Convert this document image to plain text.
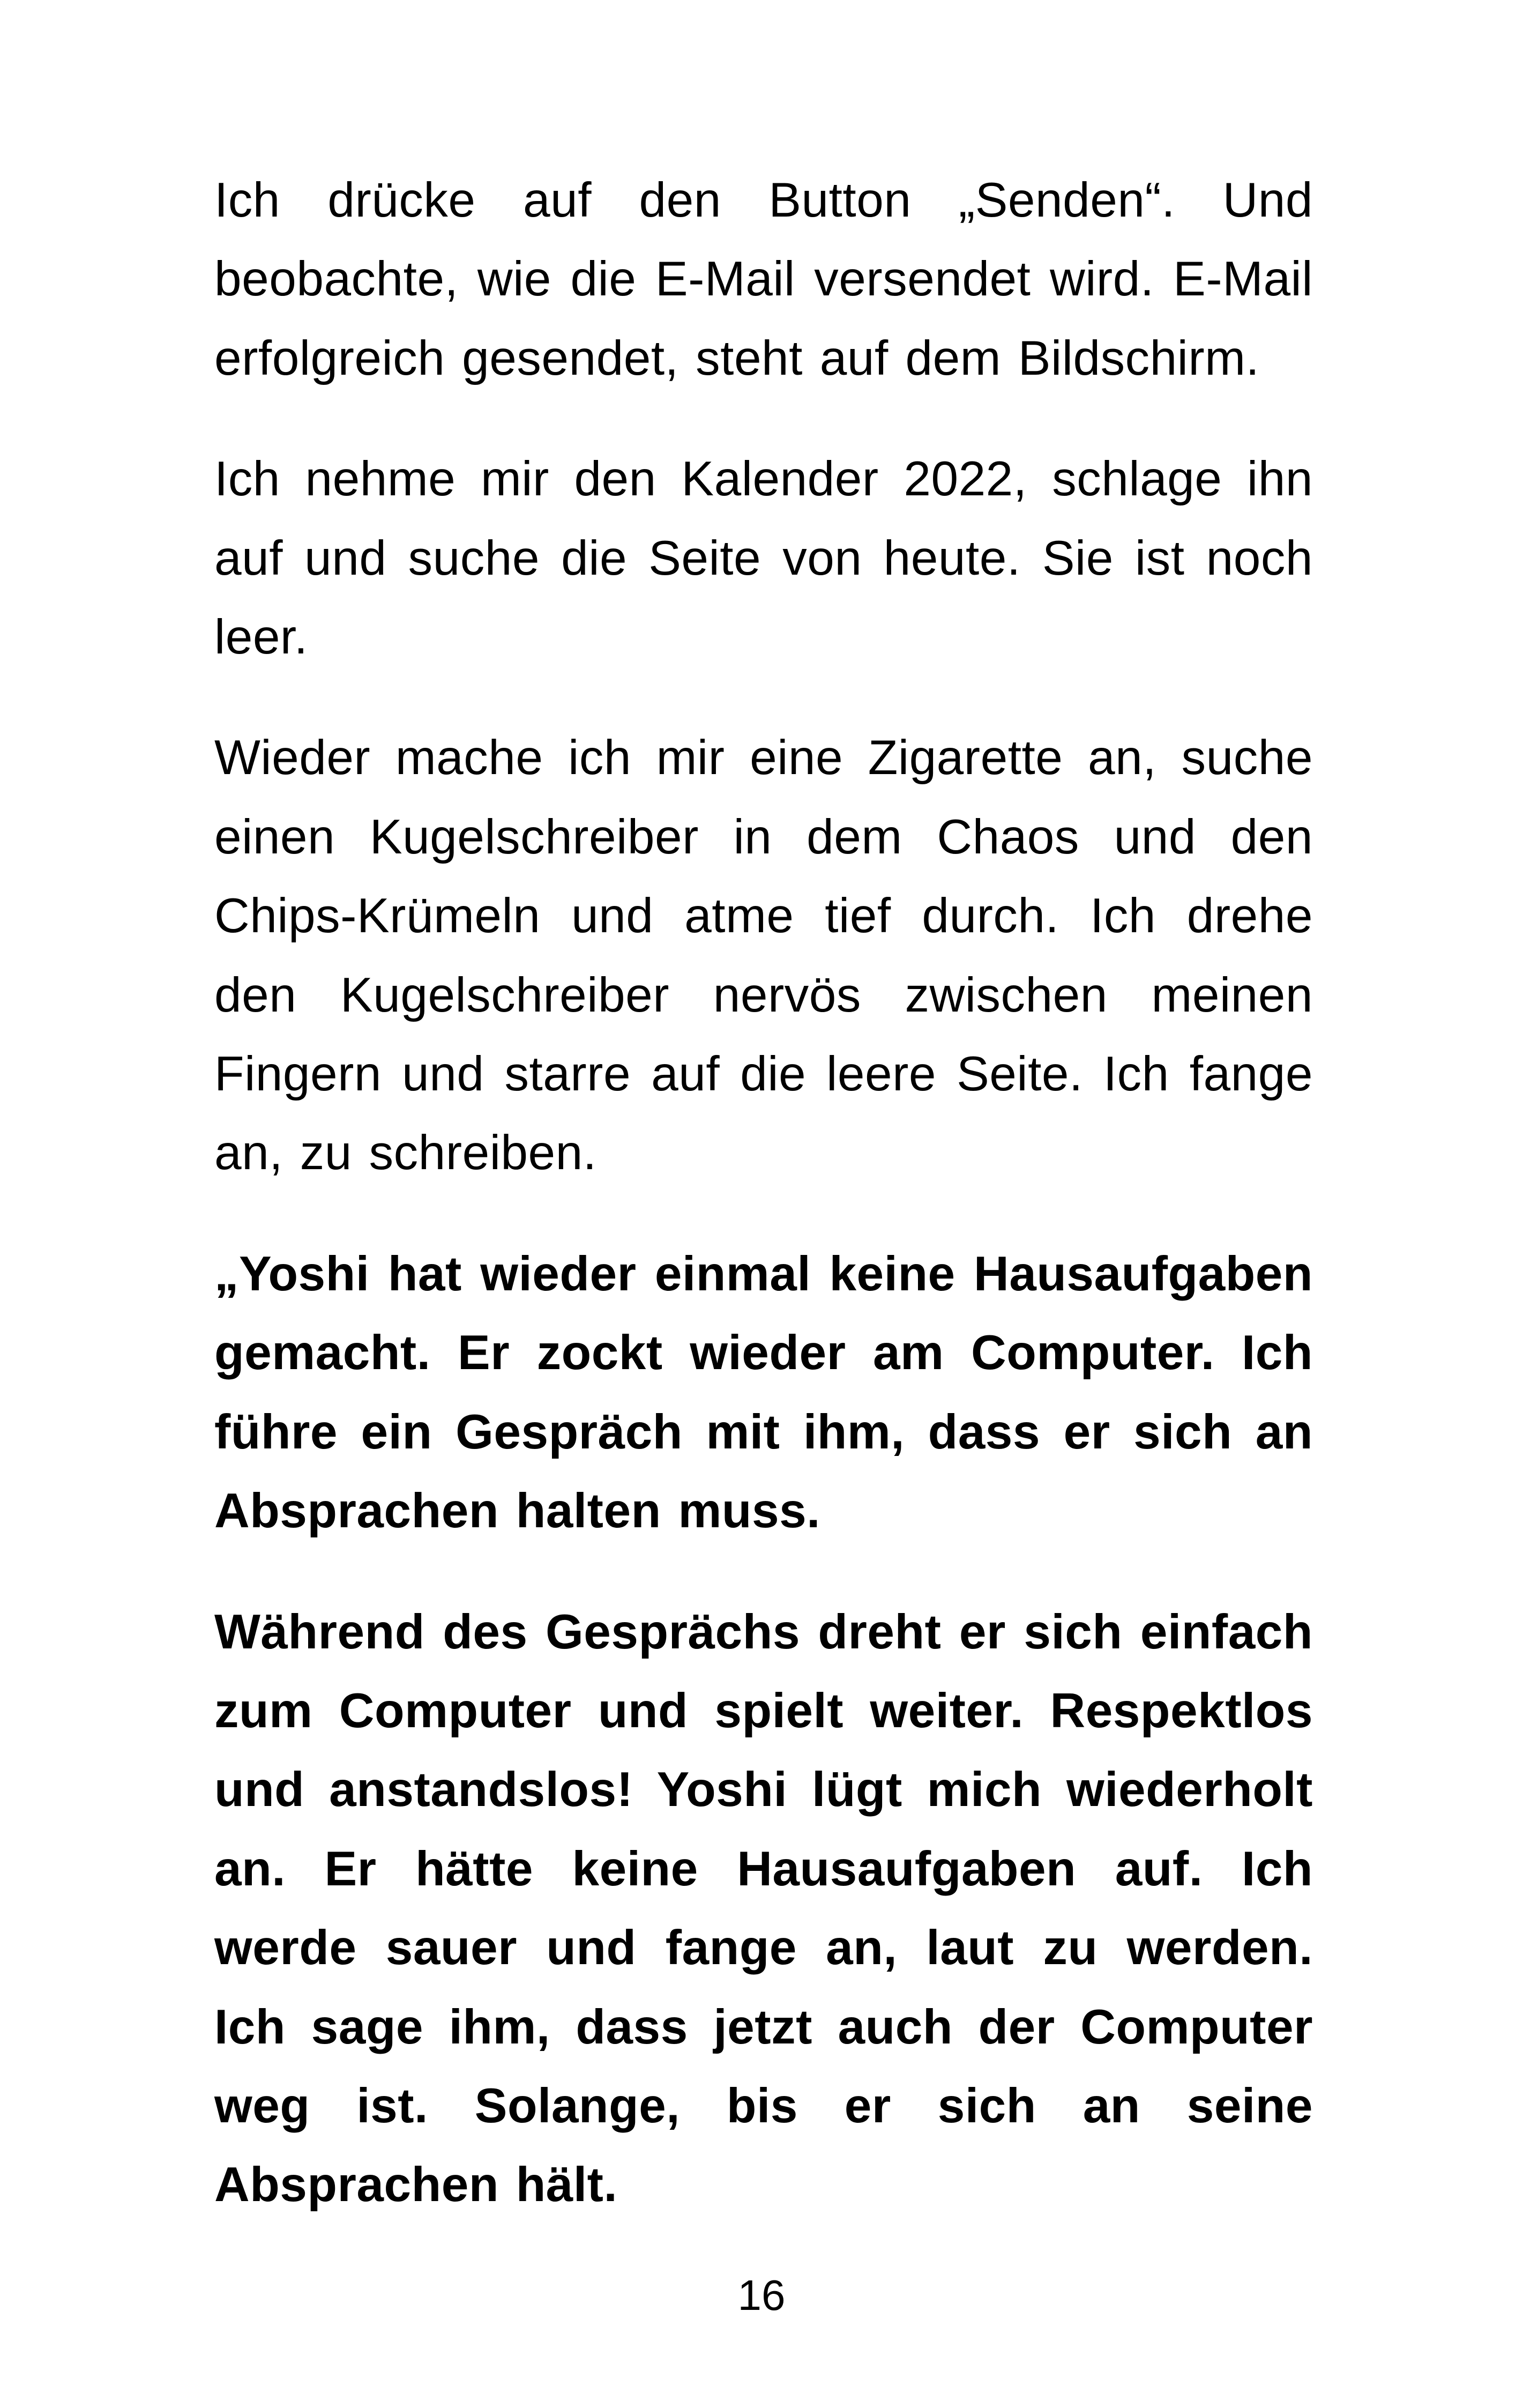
Ich drücke auf den Button „Senden“. Und beobachte, wie die E-Mail versendet wird. E-Mail erfolgreich gesendet, steht auf dem Bildschirm.

Ich nehme mir den Kalender 2022, schlage ihn auf und suche die Seite von heute. Sie ist noch leer.

Wieder mache ich mir eine Zigarette an, suche einen Kugelschreiber in dem Chaos und den Chips-Krümeln und atme tief durch. Ich drehe den Kugelschreiber nervös zwischen meinen Fingern und starre auf die leere Seite. Ich fange an, zu schreiben.

„Yoshi hat wieder einmal keine Hausaufgaben gemacht. Er zockt wieder am Computer. Ich führe ein Gespräch mit ihm, dass er sich an Absprachen halten muss.

Während des Gesprächs dreht er sich einfach zum Computer und spielt weiter. Respektlos und anstandslos! Yoshi lügt mich wiederholt an. Er hätte keine Hausaufgaben auf. Ich werde sauer und fange an, laut zu werden. Ich sage ihm, dass jetzt auch der Computer weg ist. Solange, bis er sich an seine Absprachen hält.

16
